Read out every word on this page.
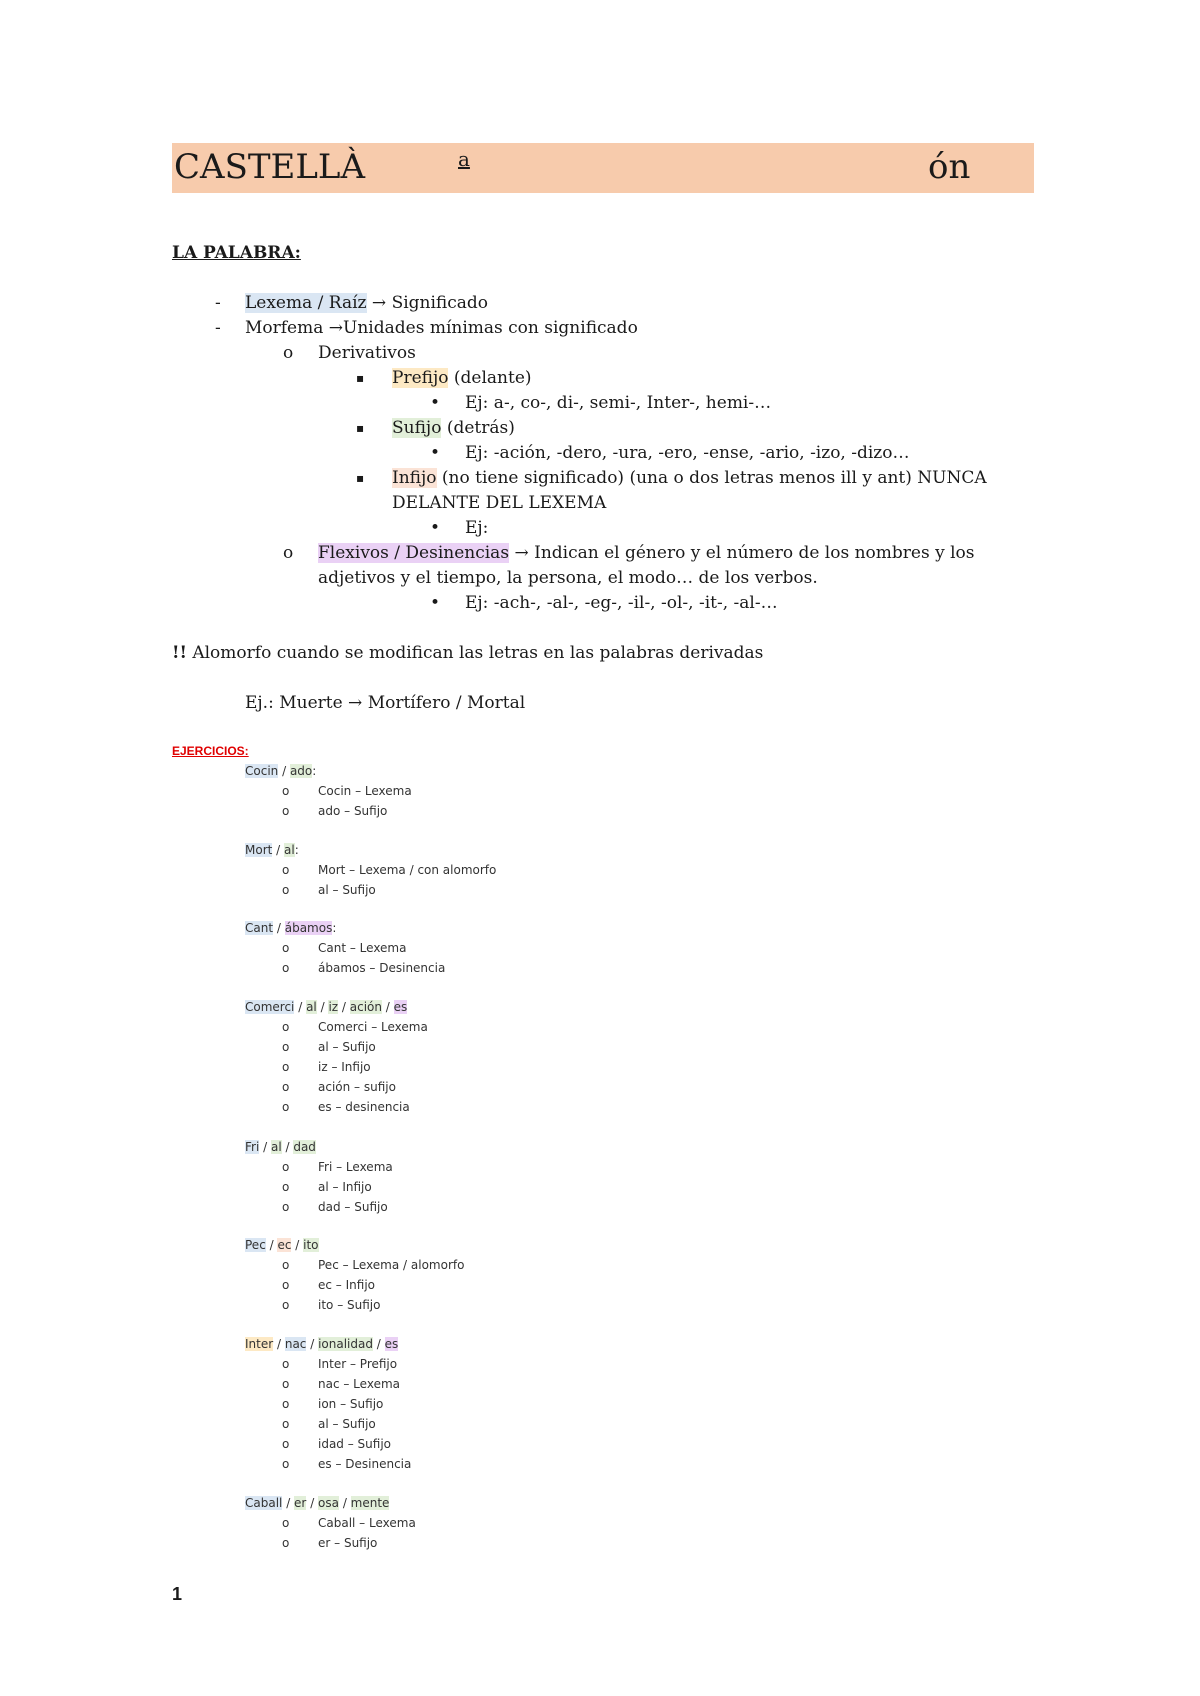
CASTELLÀ	a	ón
LA PALABRA:
- Lexema / Raíz → Significado
- Morfema →Unidades mínimas con significado
o Derivativos
▪ Prefijo (delante)
• Ej: a-, co-, di-, semi-, Inter-, hemi-…
▪ Sufijo (detrás)
• Ej: -ación, -dero, -ura, -ero, -ense, -ario, -izo, -dizo…
▪ Infijo (no tiene significado) (una o dos letras menos ill y ant) NUNCA
DELANTE DEL LEXEMA
• Ej:
o Flexivos / Desinencias → Indican el género y el número de los nombres y los
adjetivos y el tiempo, la persona, el modo… de los verbos.
• Ej: -ach-, -al-, -eg-, -il-, -ol-, -it-, -al-…
!! Alomorfo cuando se modifican las letras en las palabras derivadas
Ej.: Muerte → Mortífero / Mortal
EJERCICIOS:
Cocin / ado:
o Cocin – Lexema
o ado – Sufijo
Mort / al:
o Mort – Lexema / con alomorfo
o al – Sufijo
Cant / ábamos:
o Cant – Lexema
o ábamos – Desinencia
Comerci / al / iz / ación / es
o Comerci – Lexema
o al – Sufijo
o iz – Infijo
o ación – sufijo
o es – desinencia
Fri / al / dad
o Fri – Lexema
o al – Infijo
o dad – Sufijo
Pec / ec / ito
o Pec – Lexema / alomorfo
o ec – Infijo
o ito – Sufijo
Inter / nac / ionalidad / es
o Inter – Prefijo
o nac – Lexema
o ion – Sufijo
o al – Sufijo
o idad – Sufijo
o es – Desinencia
Caball / er / osa / mente
o Caball – Lexema
o er – Sufijo
1
